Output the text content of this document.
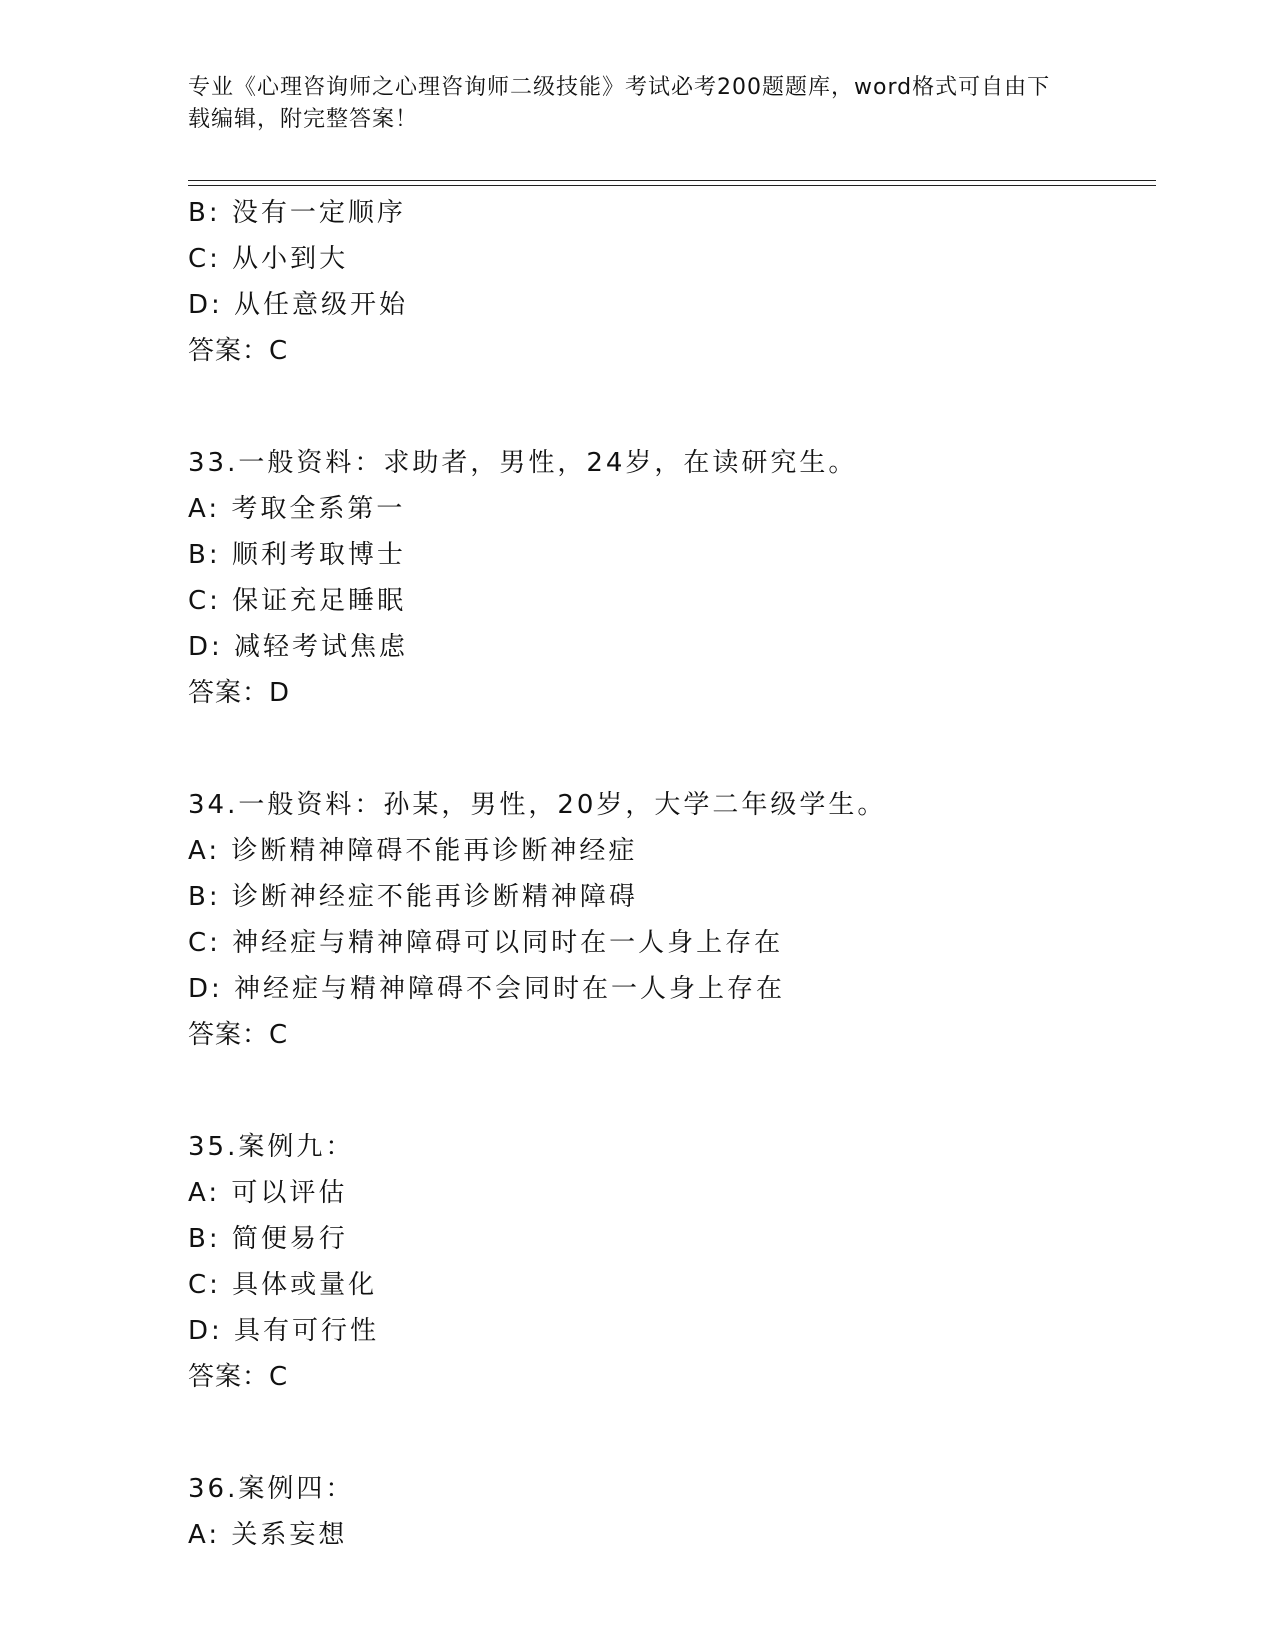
专业《心理咨询师之心理咨询师二级技能》考试必考200题题库，word格式可自由下载编辑，附完整答案！

B: 没有一定顺序

C: 从小到大

D: 从任意级开始

答案：C

33.一般资料：求助者，男性，24岁，在读研究生。

A: 考取全系第一

B: 顺利考取博士

C: 保证充足睡眠

D: 减轻考试焦虑

答案：D

34.一般资料：孙某，男性，20岁，大学二年级学生。

A: 诊断精神障碍不能再诊断神经症

B: 诊断神经症不能再诊断精神障碍

C: 神经症与精神障碍可以同时在一人身上存在

D: 神经症与精神障碍不会同时在一人身上存在

答案：C

35.案例九：

A: 可以评估

B: 简便易行

C: 具体或量化

D: 具有可行性

答案：C

36.案例四：

A: 关系妄想
